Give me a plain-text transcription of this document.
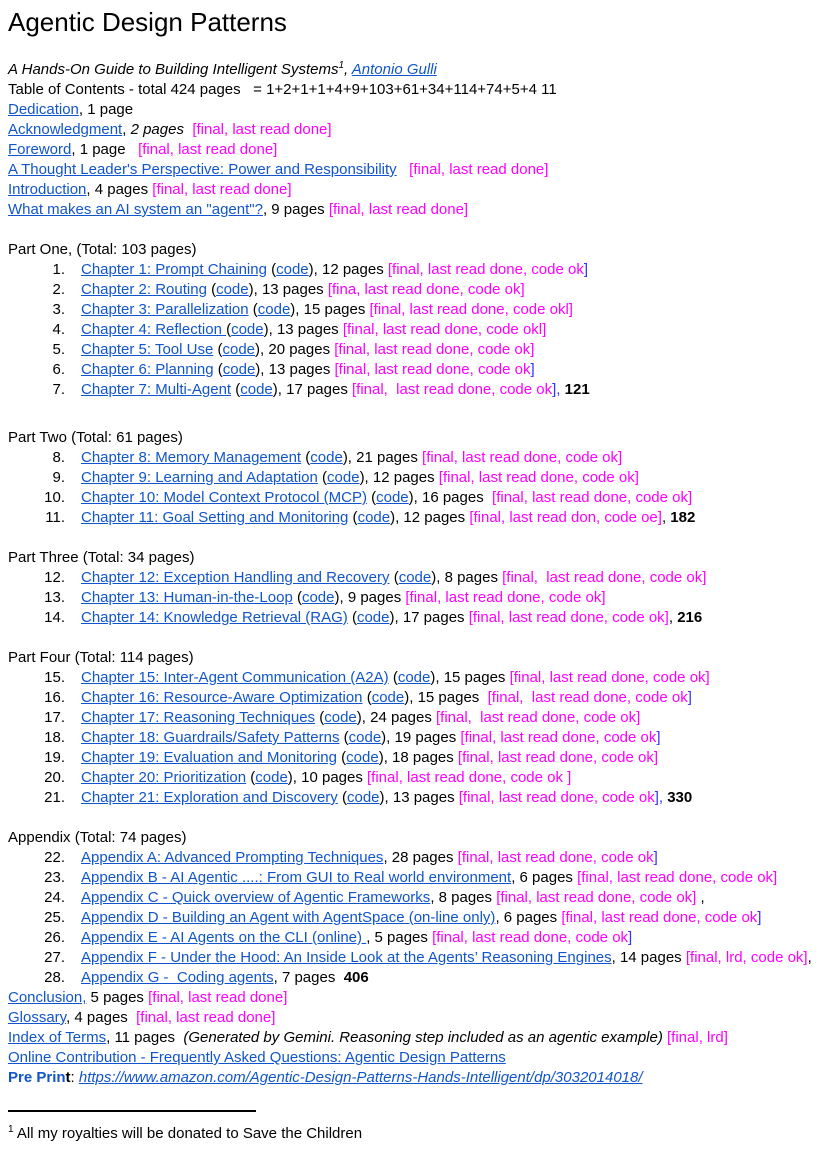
Agentic Design Patterns
A Hands-On Guide to Building Intelligent Systems$^1$, Antonio Gulli
Table of Contents - total 424 pages   = 1+2+1+1+4+9+103+61+34+114+74+5+4 11
Dedication, 1 page
Acknowledgment, 2 pages [final, last read done]
Foreword, 1 page   [final, last read done]
A Thought Leader's Perspective: Power and Responsibility [final, last read done]
Introduction, 4 pages [final, last read done]
What makes an AI system an "agent"?, 9 pages [final, last read done]
Part One, (Total: 103 pages)
1. Chapter 1: Prompt Chaining (code), 12 pages [final, last read done, code ok]
2. Chapter 2: Routing (code), 13 pages [fina, last read done, code ok]
3. Chapter 3: Parallelization (code), 15 pages [final, last read done, code okl]
4. Chapter 4: Reflection (code), 13 pages [final, last read done, code okl]
5. Chapter 5: Tool Use (code), 20 pages [final, last read done, code ok]
6. Chapter 6: Planning (code), 13 pages [final, last read done, code ok]
7. Chapter 7: Multi-Agent (code), 17 pages [final,  last read done, code ok], 121
Part Two (Total: 61 pages)
8. Chapter 8: Memory Management (code), 21 pages [final, last read done, code ok]
9. Chapter 9: Learning and Adaptation (code), 12 pages [final, last read done, code ok]
10. Chapter 10: Model Context Protocol (MCP) (code), 16 pages  [final, last read done, code ok]
11. Chapter 11: Goal Setting and Monitoring (code), 12 pages [final, last read don, code oe], 182
Part Three (Total: 34 pages)
12. Chapter 12: Exception Handling and Recovery (code), 8 pages [final,  last read done, code ok]
13. Chapter 13: Human-in-the-Loop (code), 9 pages [final, last read done, code ok]
14. Chapter 14: Knowledge Retrieval (RAG) (code), 17 pages [final, last read done, code ok], 216
Part Four (Total: 114 pages)
15. Chapter 15: Inter-Agent Communication (A2A) (code), 15 pages [final, last read done, code ok]
16. Chapter 16: Resource-Aware Optimization (code), 15 pages  [final,  last read done, code ok]
17. Chapter 17: Reasoning Techniques (code), 24 pages [final,  last read done, code ok]
18. Chapter 18: Guardrails/Safety Patterns (code), 19 pages [final, last read done, code ok]
19. Chapter 19: Evaluation and Monitoring (code), 18 pages [final, last read done, code ok]
20. Chapter 20: Prioritization (code), 10 pages [final, last read done, code ok ]
21. Chapter 21: Exploration and Discovery (code), 13 pages [final, last read done, code ok], 330
Appendix (Total: 74 pages)
22. Appendix A: Advanced Prompting Techniques, 28 pages [final, last read done, code ok]
23. Appendix B - AI Agentic ....: From GUI to Real world environment, 6 pages [final, last read done, code ok]
24. Appendix C - Quick overview of Agentic Frameworks, 8 pages [final, last read done, code ok] ,
25. Appendix D - Building an Agent with AgentSpace (on-line only), 6 pages [final, last read done, code ok]
26. Appendix E - AI Agents on the CLI (online) , 5 pages [final, last read done, code ok]
27. Appendix F - Under the Hood: An Inside Look at the Agents’ Reasoning Engines, 14 pages [final, lrd, code ok],
28. Appendix G -  Coding agents, 7 pages  406
Conclusion, 5 pages [final, last read done]
Glossary, 4 pages  [final, last read done]
Index of Terms, 11 pages  (Generated by Gemini. Reasoning step included as an agentic example) [final, lrd]
Online Contribution - Frequently Asked Questions: Agentic Design Patterns
Pre Print: https://www.amazon.com/Agentic-Design-Patterns-Hands-Intelligent/dp/3032014018/
$^1$ All my royalties will be donated to Save the Children
